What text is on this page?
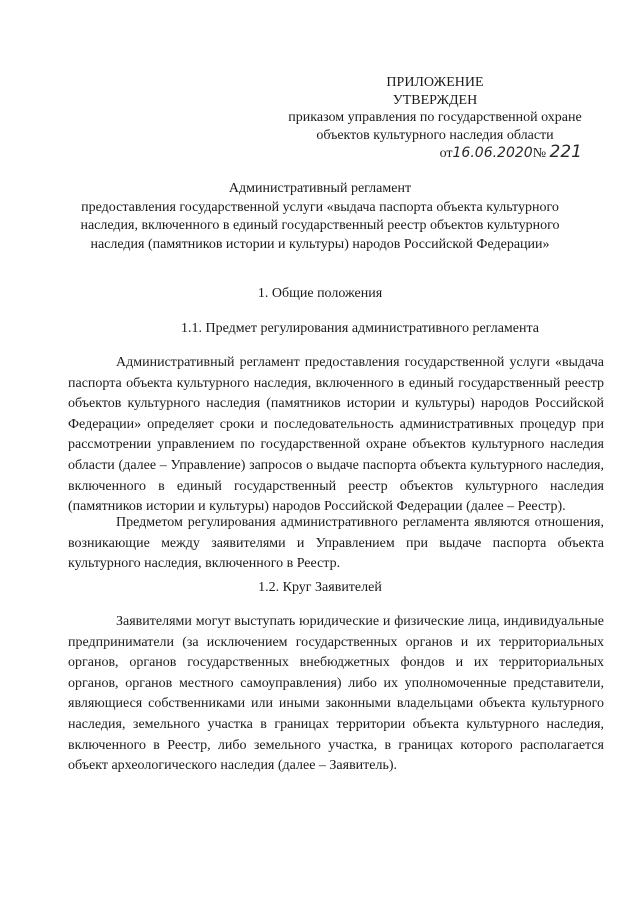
ПРИЛОЖЕНИЕ
УТВЕРЖДЕН
приказом управления по государственной охране
объектов культурного наследия области
от16.06.2020№ 221
Административный регламент
предоставления государственной услуги «выдача паспорта объекта культурного наследия, включенного в единый государственный реестр объектов культурного наследия (памятников истории и культуры) народов Российской Федерации»
1. Общие положения
1.1. Предмет регулирования административного регламента

Административный регламент предоставления государственной услуги «выдача паспорта объекта культурного наследия, включенного в единый государственный реестр объектов культурного наследия (памятников истории и культуры) народов Российской Федерации» определяет сроки и последовательность административных процедур при рассмотрении управлением по государственной охране объектов культурного наследия области (далее – Управление) запросов о выдаче паспорта объекта культурного наследия, включенного в единый государственный реестр объектов культурного наследия (памятников истории и культуры) народов Российской Федерации (далее – Реестр).

Предметом регулирования административного регламента являются отношения, возникающие между заявителями и Управлением при выдаче паспорта объекта культурного наследия, включенного в Реестр.

1.2. Круг Заявителей

Заявителями могут выступать юридические и физические лица, индивидуальные предприниматели (за исключением государственных органов и их территориальных органов, органов государственных внебюджетных фондов и их территориальных органов, органов местного самоуправления) либо их уполномоченные представители, являющиеся собственниками или иными законными владельцами объекта культурного наследия, земельного участка в границах территории объекта культурного наследия, включенного в Реестр, либо земельного участка, в границах которого располагается объект археологического наследия (далее – Заявитель).
